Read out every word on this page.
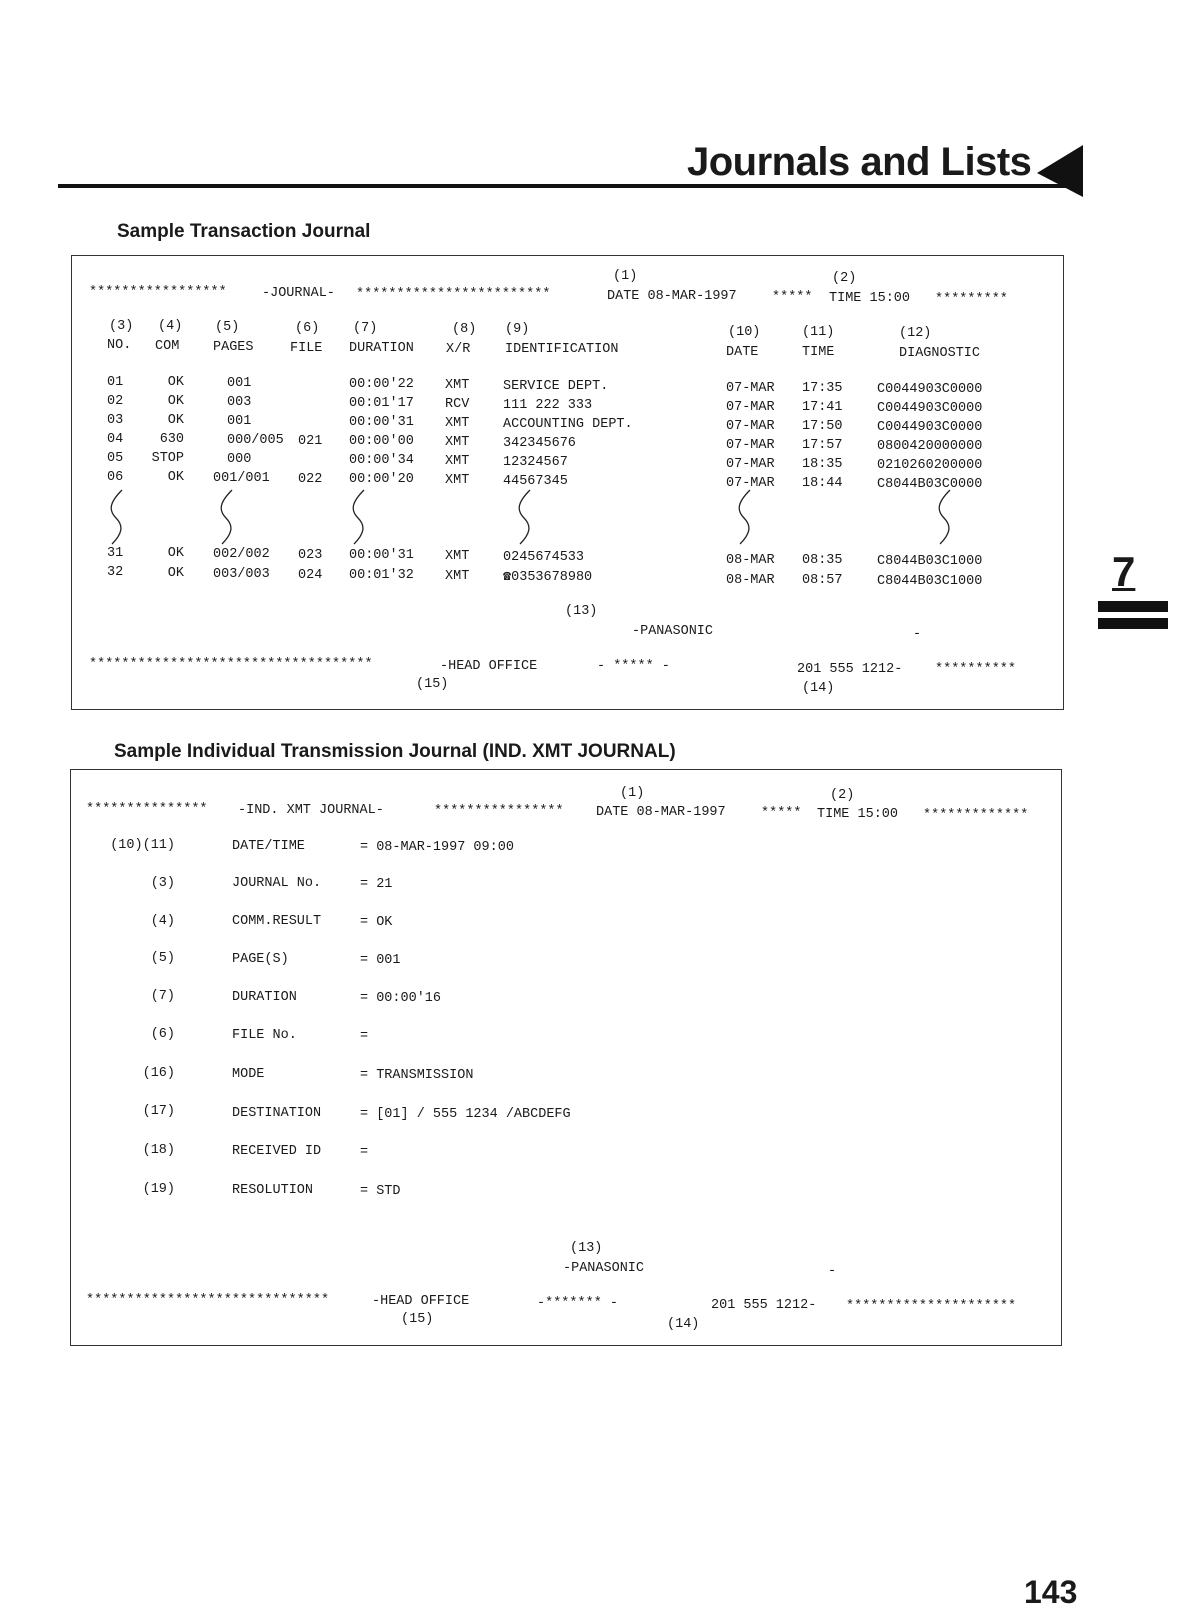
Journals and Lists
7
Sample Transaction Journal
(1)	(2)
*****************	-JOURNAL- ************************	DATE 08-MAR-1997	***** TIME 15:00 *********
(3) (4) (5)	(6) (7)	(8) (9)	(10)	(11)	(12)
NO. COM PAGES	FILE DURATION X/R	IDENTIFICATION	DATE	TIME	DIAGNOSTIC
01	OK	001	00:00'22 XMT SERVICE DEPT.	07-MAR 17:35	C0044903C0000
02	OK	003	00:01'17 RCV 111 222 333	07-MAR 17:41	C0044903C0000
03	OK	001	00:00'31 XMT ACCOUNTING DEPT.	07-MAR 17:50	C0044903C0000
04	630	000/005 021 00:00'00 XMT 342345676	07-MAR 17:57	0800420000000
05	STOP	000	00:00'34 XMT 12324567	07-MAR 18:35	0210260200000
06	OK 001/001 022 00:00'20 XMT 44567345	07-MAR 18:44	C8044B03C0000
31	OK 002/002 023 00:00'31 XMT 0245674533	08-MAR 08:35	C8044B03C1000
32	OK 003/003 024 00:01'32 XMT ☎0353678980	08-MAR 08:57	C8044B03C1000
(13)
-PANASONIC	-
***********************************	-HEAD OFFICE	- ***** -	201 555 1212- **********
(15)	(14)
Sample Individual Transmission Journal (IND. XMT JOURNAL)
(1)	(2)
*************** -IND. XMT JOURNAL-	**************** DATE 08-MAR-1997	***** TIME 15:00 *************
(10)(11)	DATE/TIME	= 08-MAR-1997 09:00
(3)	JOURNAL No.	= 21
(4)	COMM.RESULT	= OK
(5)	PAGE(S)	= 001
(7)	DURATION	= 00:00'16
(6)	FILE No.	=
(16)	MODE	= TRANSMISSION
(17)	DESTINATION	= [01] / 555 1234 /ABCDEFG
(18)	RECEIVED ID	=
(19)	RESOLUTION	= STD
(13)
-PANASONIC	-
******************************	-HEAD OFFICE	-******* -	201 555 1212- *********************
(15)	(14)
143
